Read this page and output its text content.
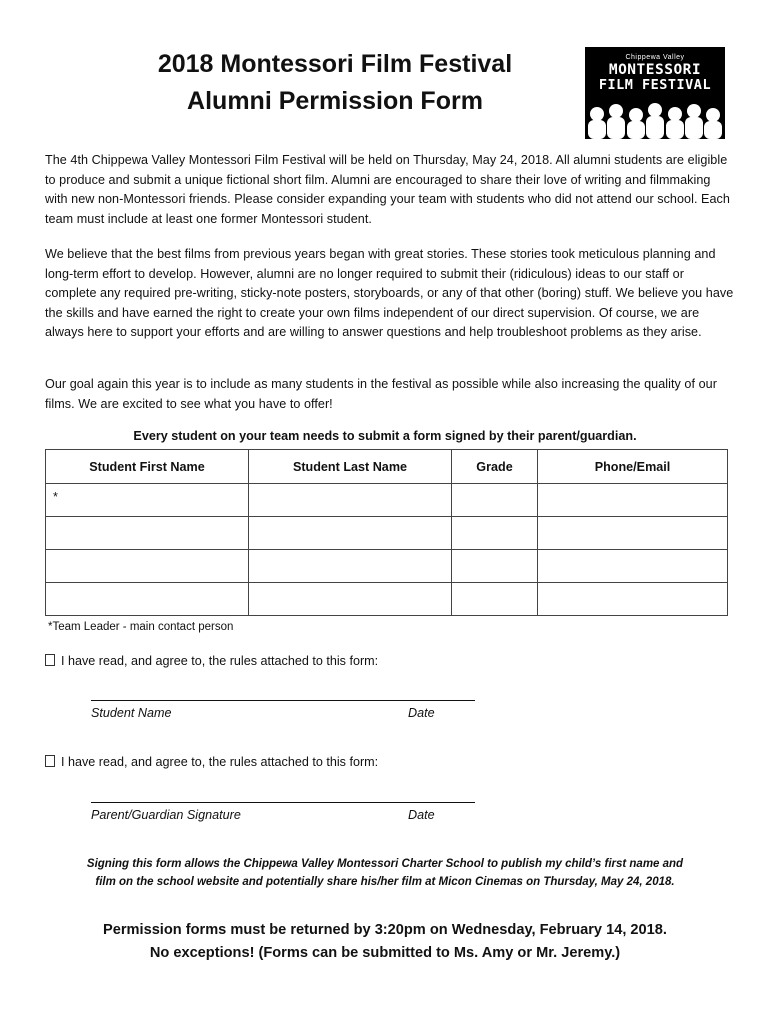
2018 Montessori Film Festival
Alumni Permission Form
Chippewa Valley
MONTESSORI
FILM FESTIVAL

The 4th Chippewa Valley Montessori Film Festival will be held on Thursday, May 24, 2018. All alumni students are eligible to produce and submit a unique fictional short film. Alumni are encouraged to share their love of writing and filmmaking with new non-Montessori friends. Please consider expanding your team with students who did not attend our school. Each team must include at least one former Montessori student.

We believe that the best films from previous years began with great stories. These stories took meticulous planning and long-term effort to develop. However, alumni are no longer required to submit their (ridiculous) ideas to our staff or complete any required pre-writing, sticky-note posters, storyboards, or any of that other (boring) stuff. We believe you have the skills and have earned the right to create your own films independent of our direct supervision. Of course, we are always here to support your efforts and are willing to answer questions and help troubleshoot problems as they arise.

Our goal again this year is to include as many students in the festival as possible while also increasing the quality of our films. We are excited to see what you have to offer!

Every student on your team needs to submit a form signed by their parent/guardian.

Student First Name	Student Last Name	Grade	Phone/Email
*			

*Team Leader - main contact person

I have read, and agree to, the rules attached to this form:

Student Name	Date

I have read, and agree to, the rules attached to this form:

Parent/Guardian Signature	Date

Signing this form allows the Chippewa Valley Montessori Charter School to publish my child’s first name and
film on the school website and potentially share his/her film at Micon Cinemas on Thursday, May 24, 2018.

Permission forms must be returned by 3:20pm on Wednesday, February 14, 2018.
No exceptions! (Forms can be submitted to Ms. Amy or Mr. Jeremy.)
